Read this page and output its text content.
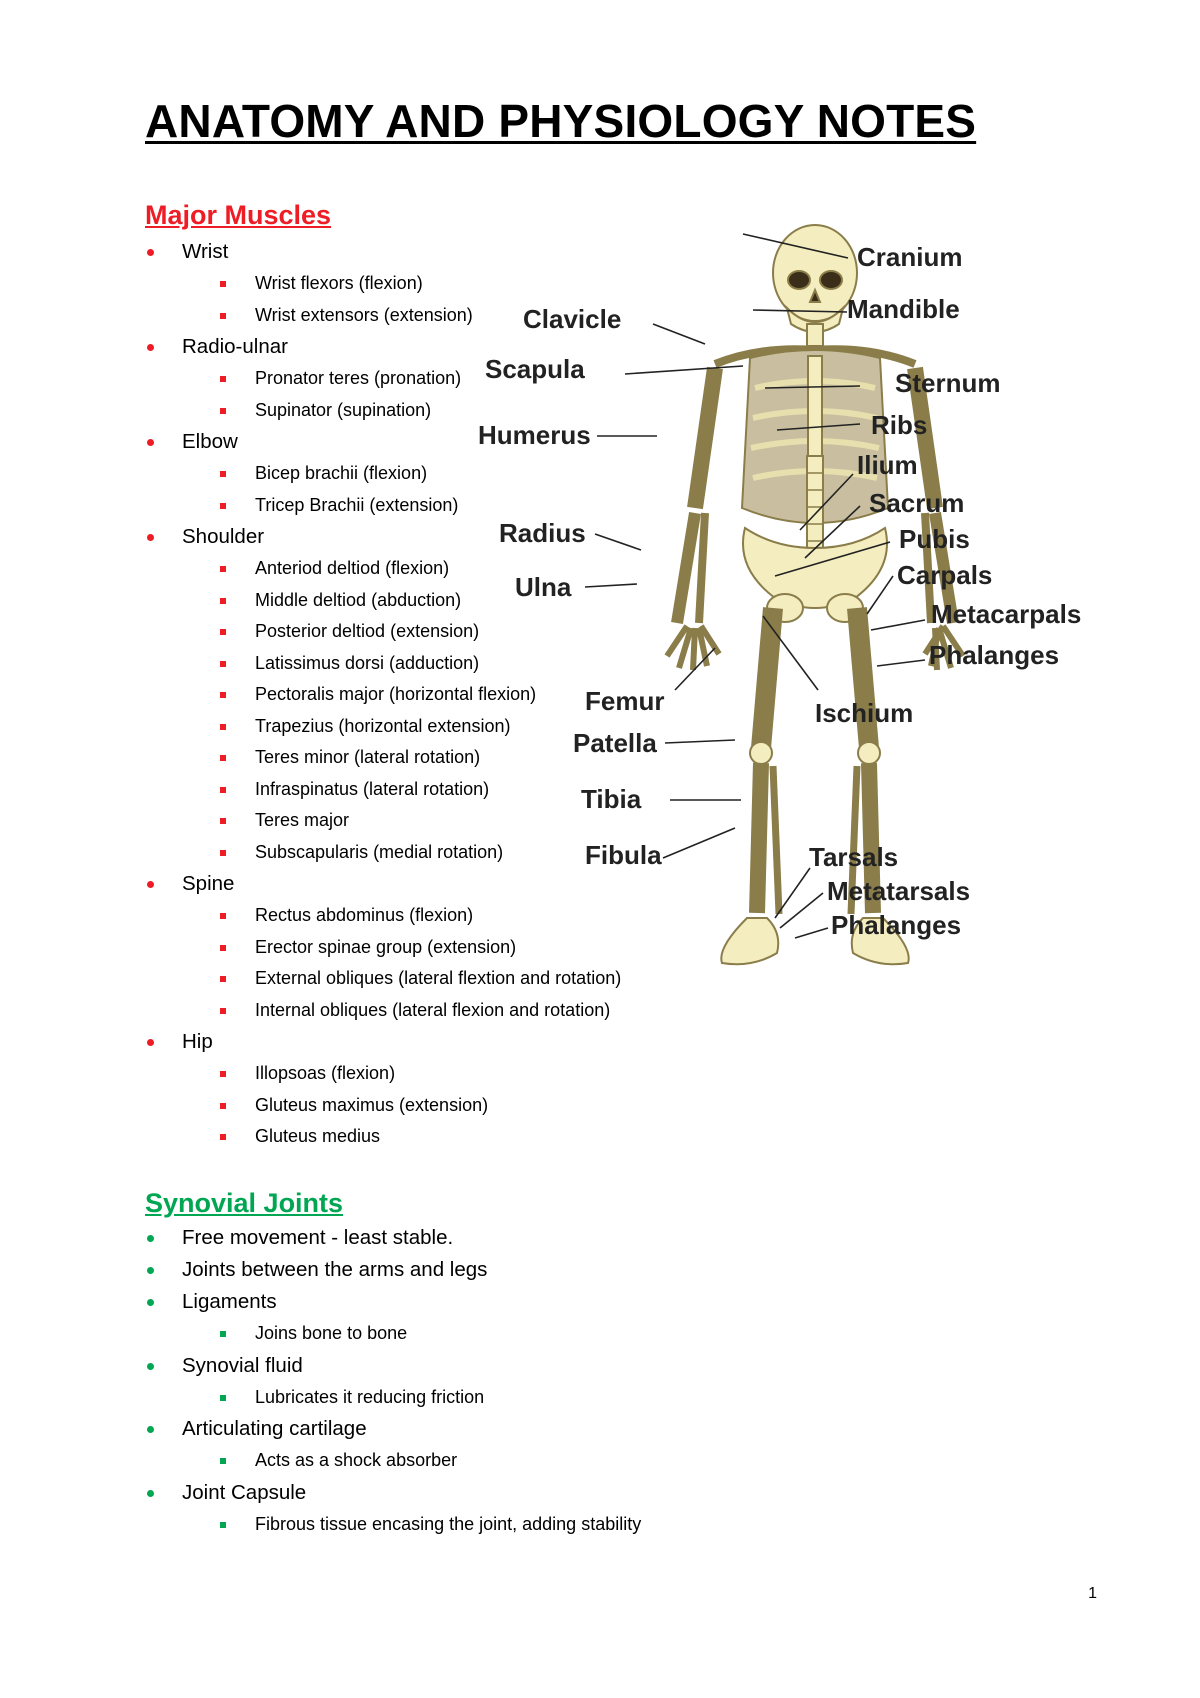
ANATOMY AND PHYSIOLOGY NOTES
Major Muscles
Wrist
Wrist flexors (flexion)
Wrist extensors (extension)
Radio-ulnar
Pronator teres (pronation)
Supinator (supination)
Elbow
Bicep brachii (flexion)
Tricep Brachii (extension)
Shoulder
Anteriod deltiod (flexion)
Middle deltiod (abduction)
Posterior deltiod (extension)
Latissimus dorsi (adduction)
Pectoralis major (horizontal flexion)
Trapezius (horizontal extension)
Teres minor (lateral rotation)
Infraspinatus (lateral rotation)
Teres major
Subscapularis (medial rotation)
Spine
Rectus abdominus (flexion)
Erector spinae group (extension)
External obliques (lateral flextion and rotation)
Internal obliques (lateral flexion and rotation)
Hip
Illopsoas (flexion)
Gluteus maximus (extension)
Gluteus medius
Synovial Joints
Free movement - least stable.
Joints between the arms and legs
Ligaments
Joins bone to bone
Synovial fluid
Lubricates it reducing friction
Articulating cartilage
Acts as a shock absorber
Joint Capsule
Fibrous tissue encasing the joint, adding stability
Cranium
Mandible
Clavicle
Scapula	Sternum
Humerus	Ribs
Ilium
Sacrum
Radius	Pubis
Ulna	Carpals
Metacarpals
Phalanges
Femur	Ischium
Patella
Tibia
Fibula	Tarsals
Metatarsals
Phalanges
1
